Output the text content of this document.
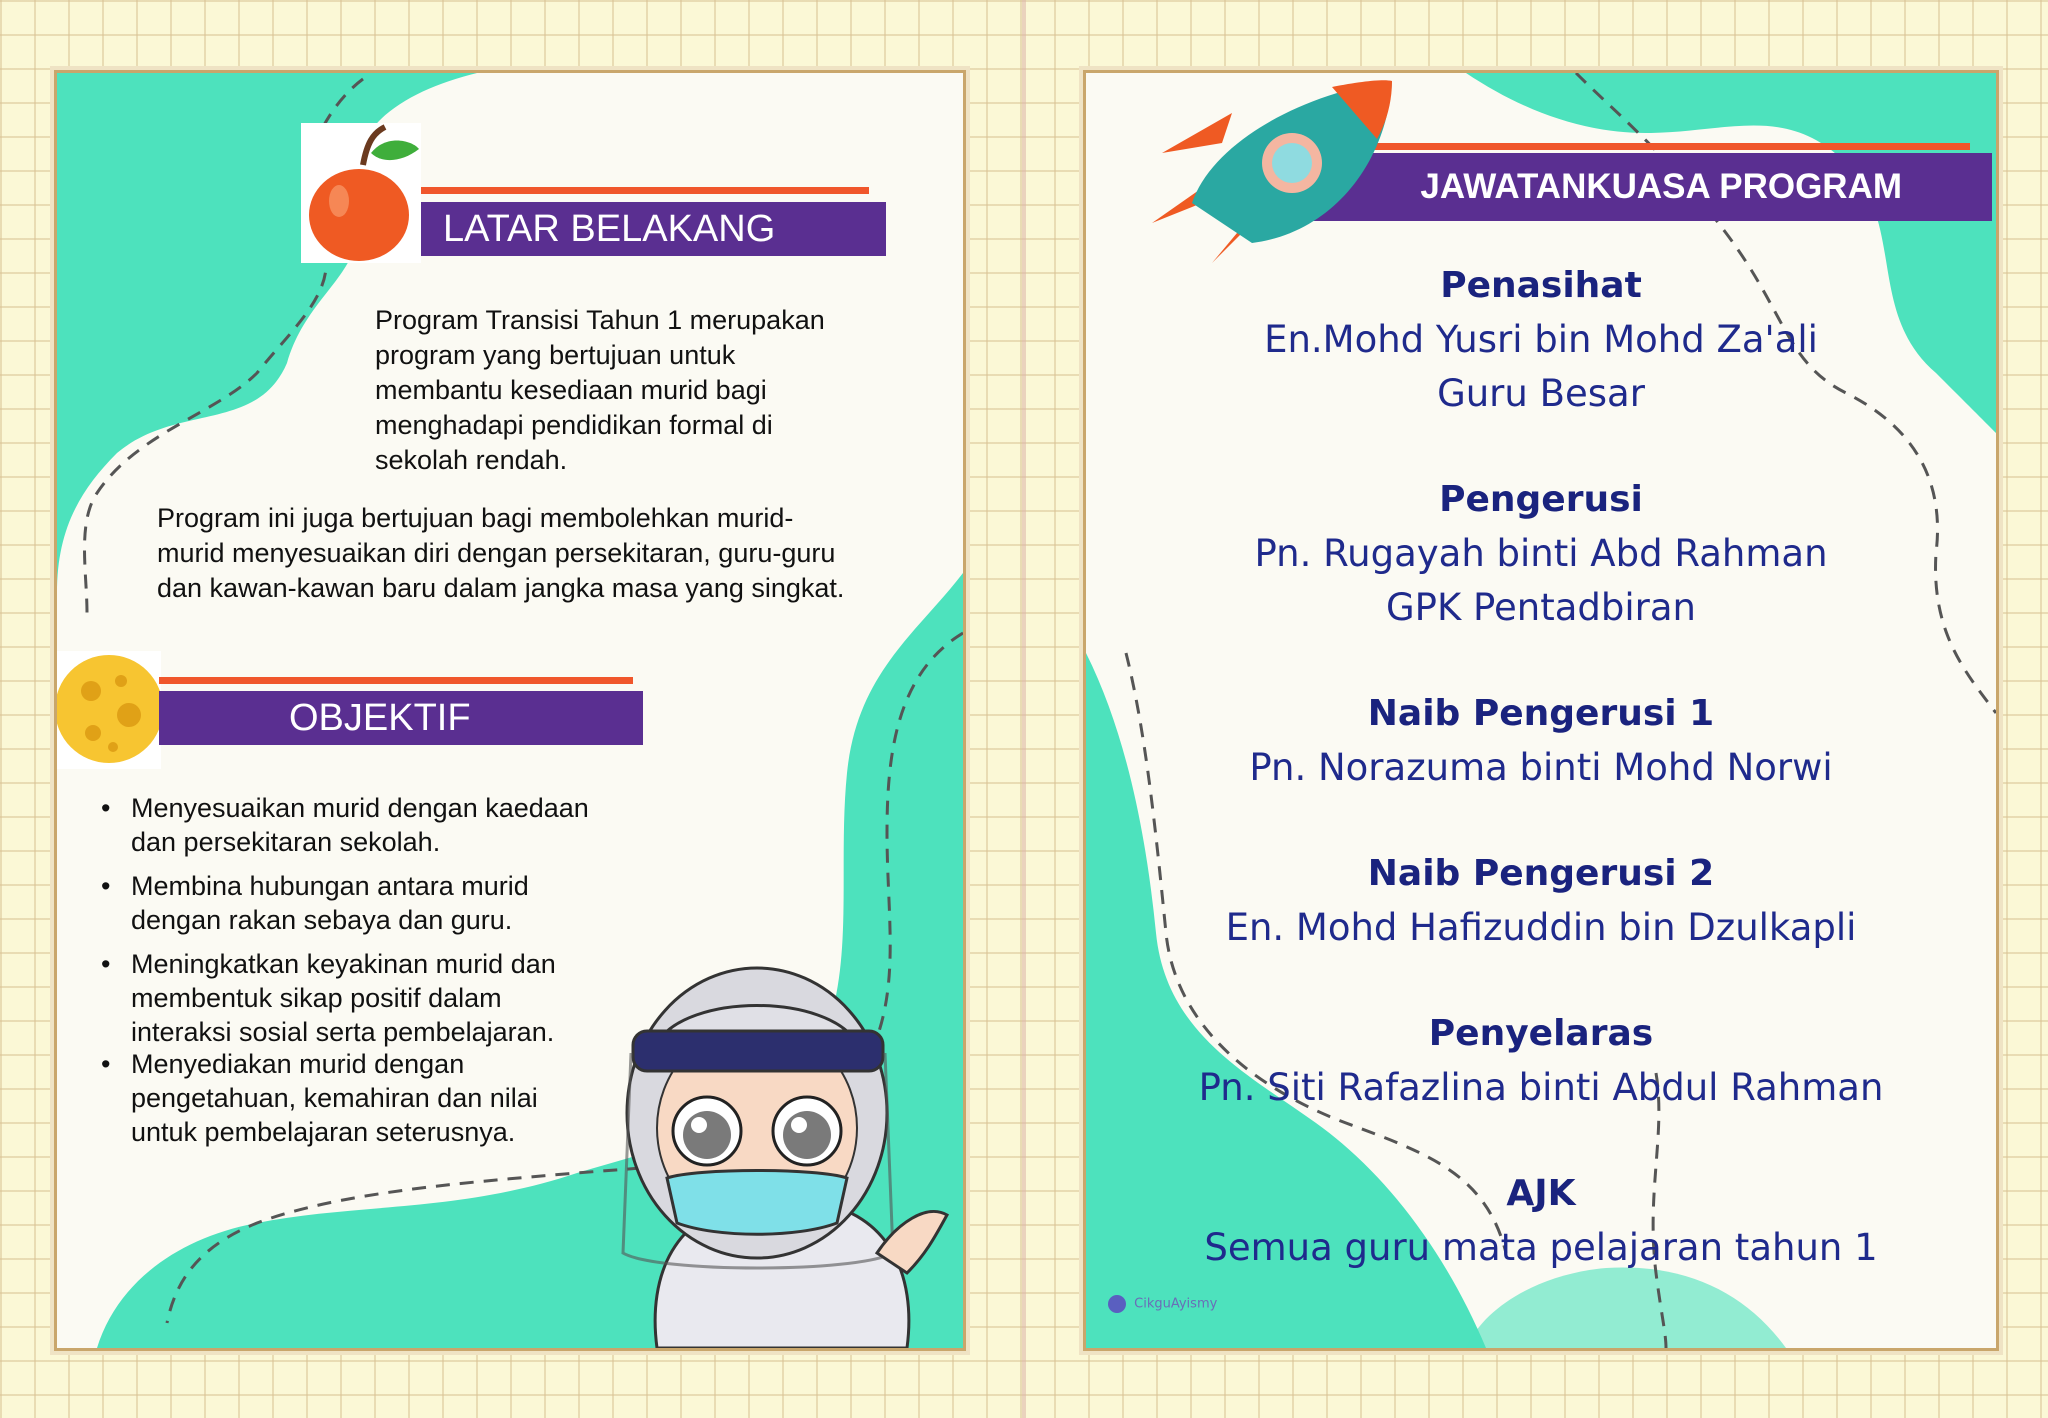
LATAR BELAKANG
Program Transisi Tahun 1 merupakan
program yang bertujuan untuk
membantu kesediaan murid bagi
menghadapi pendidikan formal di
sekolah rendah.
Program ini juga bertujuan bagi membolehkan murid-
murid menyesuaikan diri dengan persekitaran, guru-guru
dan kawan-kawan baru dalam jangka masa yang singkat.
OBJEKTIF
• Menyesuaikan murid dengan kaedaan
dan persekitaran sekolah.
• Membina hubungan antara murid
dengan rakan sebaya dan guru.
• Meningkatkan keyakinan murid dan
membentuk sikap positif dalam
interaksi sosial serta pembelajaran.
• Menyediakan murid dengan
pengetahuan, kemahiran dan nilai
untuk pembelajaran seterusnya.
JAWATANKUASA PROGRAM
Penasihat
En.Mohd Yusri bin Mohd Za'ali
Guru Besar
Pengerusi
Pn. Rugayah binti Abd Rahman
GPK Pentadbiran
Naib Pengerusi 1
Pn. Norazuma binti Mohd Norwi
Naib Pengerusi 2
En. Mohd Hafizuddin bin Dzulkapli
Penyelaras
Pn. Siti Rafazlina binti Abdul Rahman
AJK
Semua guru mata pelajaran tahun 1
CikguAyismy
